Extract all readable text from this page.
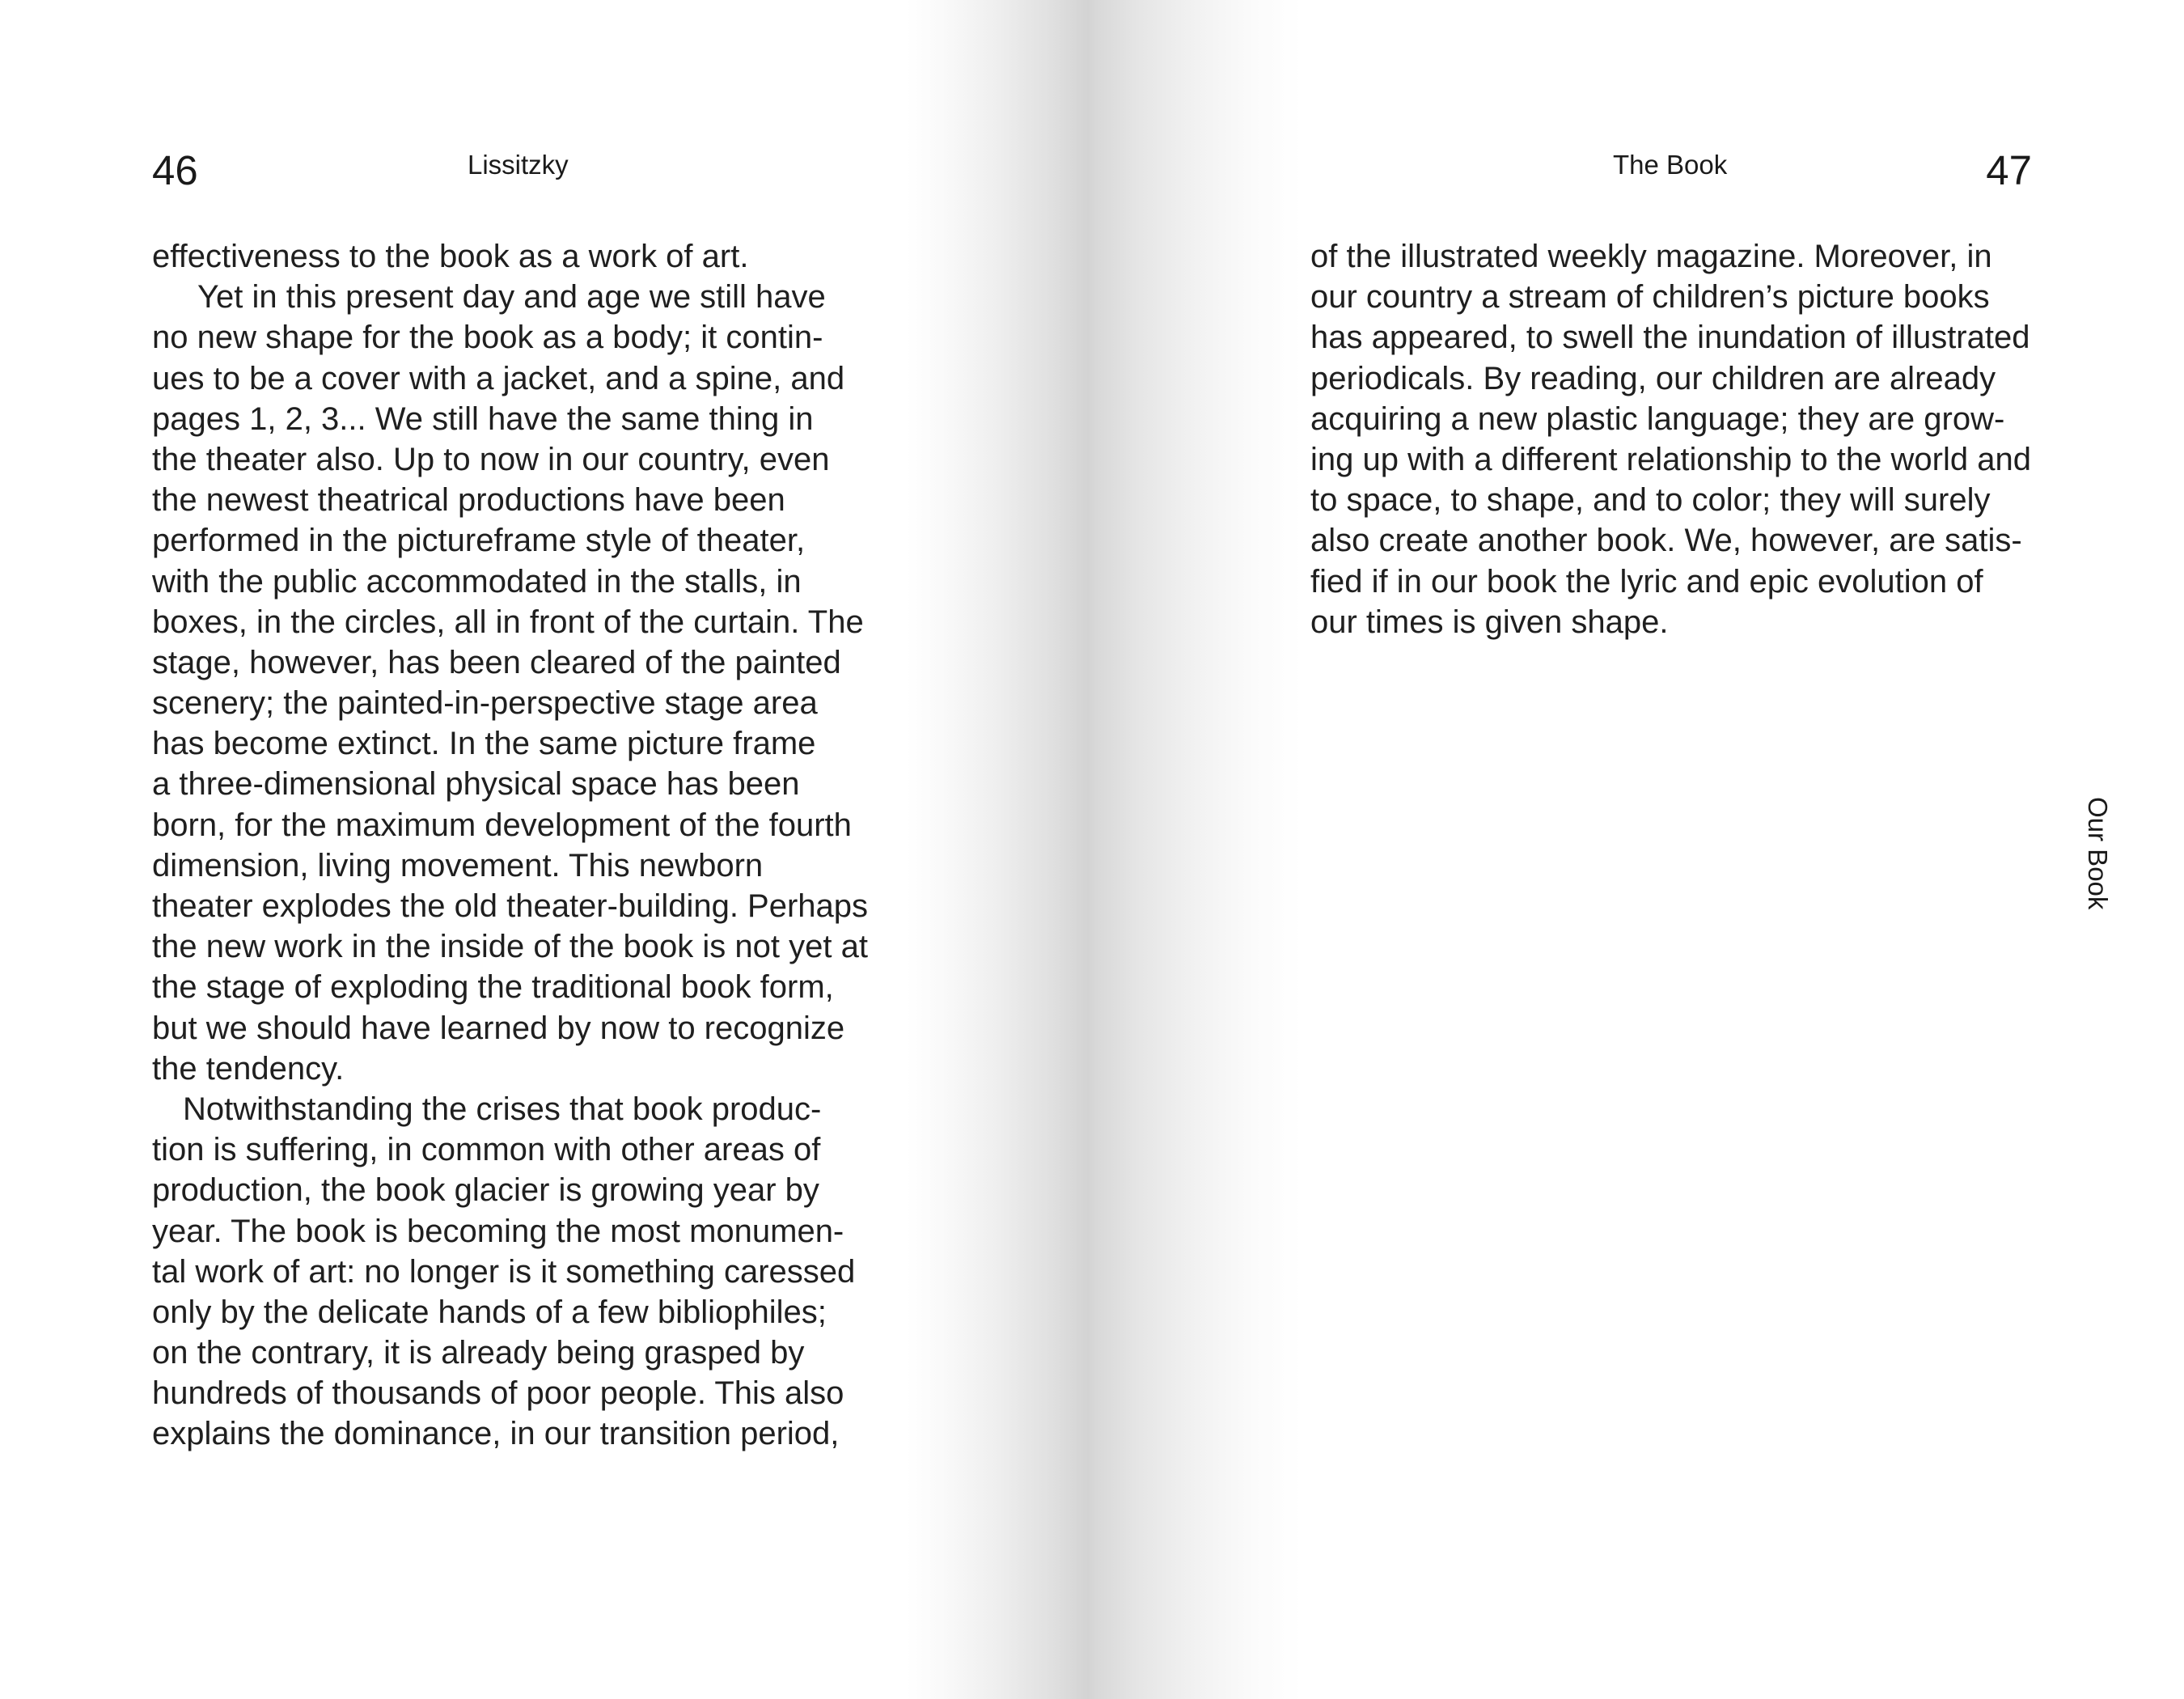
46	Lissitzky
effectiveness to the book as a work of art.
Yet in this present day and age we still have
no new shape for the book as a body; it contin-
ues to be a cover with a jacket, and a spine, and
pages 1, 2, 3... We still have the same thing in
the theater also. Up to now in our country, even
the newest theatrical productions have been
performed in the pictureframe style of theater,
with the public accommodated in the stalls, in
boxes, in the circles, all in front of the curtain. The
stage, however, has been cleared of the painted
scenery; the painted-in-perspective stage area
has become extinct. In the same picture frame
a three-dimensional physical space has been
born, for the maximum development of the fourth
dimension, living movement. This newborn
theater explodes the old theater-building. Perhaps
the new work in the inside of the book is not yet at
the stage of exploding the traditional book form,
but we should have learned by now to recognize
the tendency.
Notwithstanding the crises that book produc-
tion is suffering, in common with other areas of
production, the book glacier is growing year by
year. The book is becoming the most monumen-
tal work of art: no longer is it something caressed
only by the delicate hands of a few bibliophiles;
on the contrary, it is already being grasped by
hundreds of thousands of poor people. This also
explains the dominance, in our transition period,
The Book	47
of the illustrated weekly magazine. Moreover, in
our country a stream of children’s picture books
has appeared, to swell the inundation of illustrated
periodicals. By reading, our children are already
acquiring a new plastic language; they are grow-
ing up with a different relationship to the world and
to space, to shape, and to color; they will surely
also create another book. We, however, are satis-
fied if in our book the lyric and epic evolution of
our times is given shape.
Our Book
